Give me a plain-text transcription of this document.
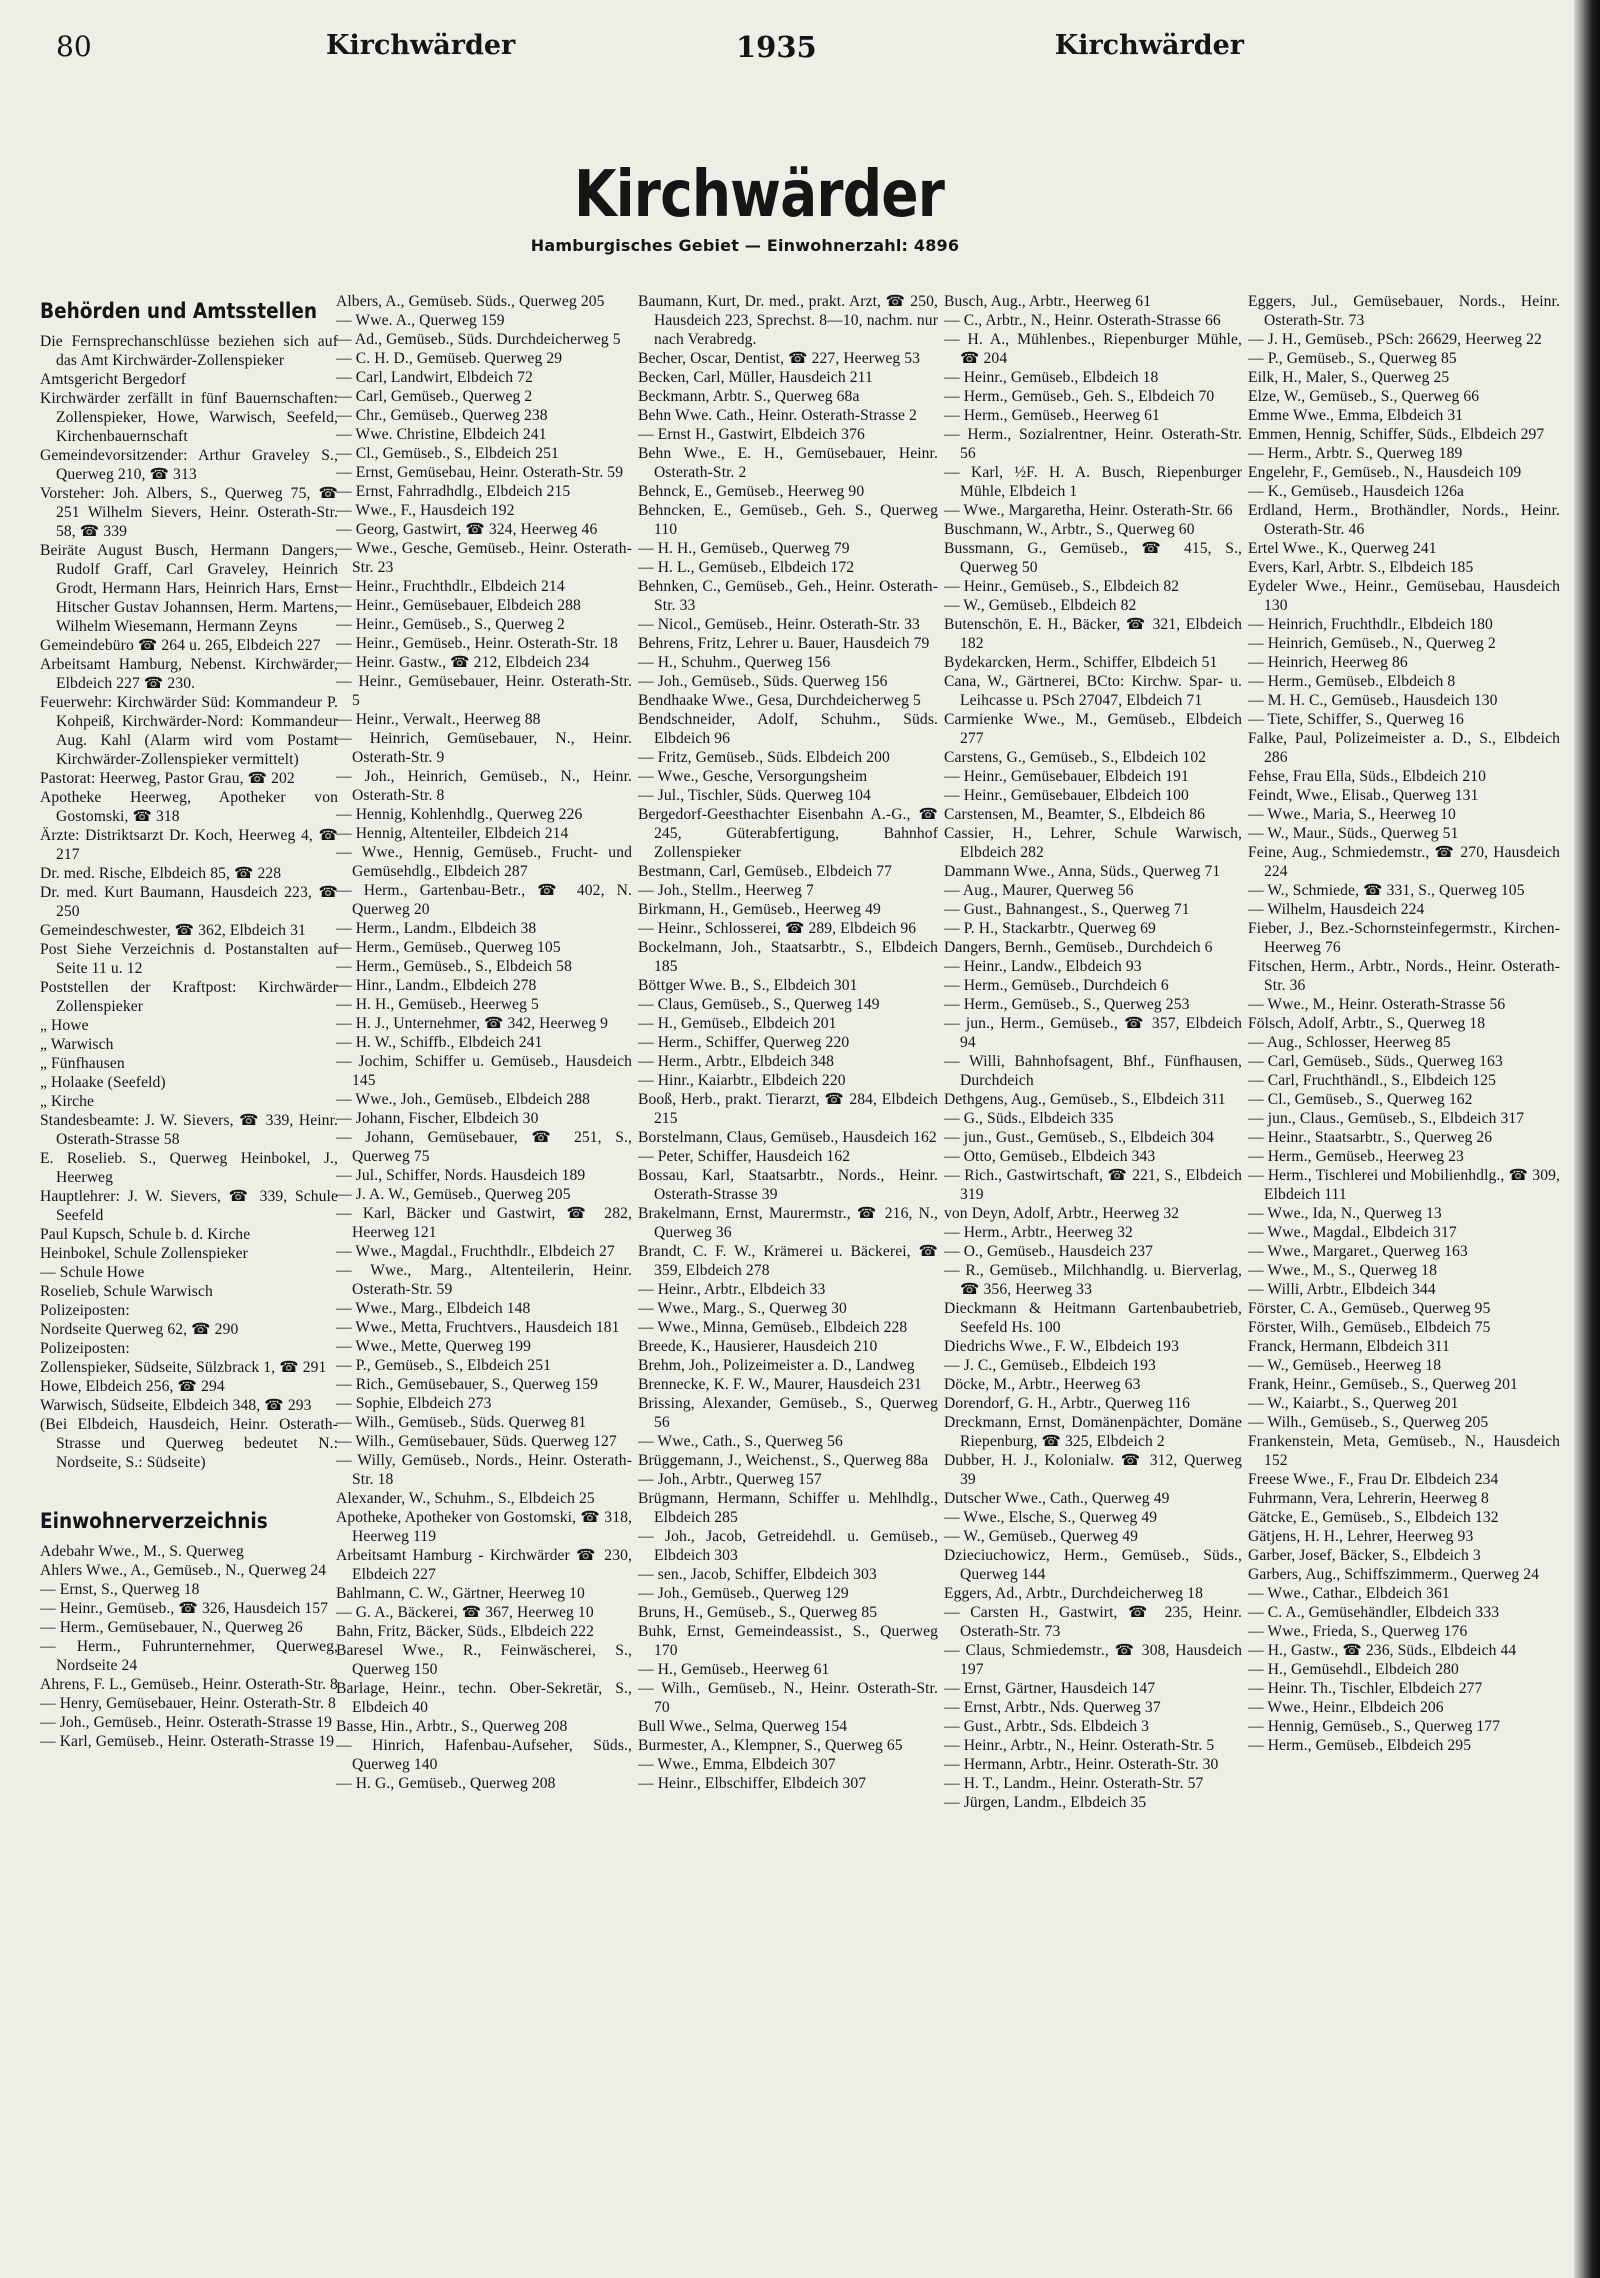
80	Kirchwärder	1935	Kirchwärder
Kirchwärder
Hamburgisches Gebiet — Einwohnerzahl: 4896
Behörden und Amtsstellen

Die Fernsprechanschlüsse beziehen sich auf das Amt Kirchwärder-Zollenspieker

Amtsgericht Bergedorf

Kirchwärder zerfällt in fünf Bauernschaften: Zollenspieker, Howe, Warwisch, Seefeld, Kirchenbauernschaft

Gemeindevorsitzender: Arthur Graveley S., Querweg 210, ☎ 313

Vorsteher: Joh. Albers, S., Querweg 75, ☎ 251 Wilhelm Sievers, Heinr. Osterath-Str. 58, ☎ 339

Beiräte August Busch, Hermann Dangers, Rudolf Graff, Carl Graveley, Heinrich Grodt, Hermann Hars, Heinrich Hars, Ernst Hitscher Gustav Johannsen, Herm. Martens, Wilhelm Wiesemann, Hermann Zeyns

Gemeindebüro ☎ 264 u. 265, Elbdeich 227

Arbeitsamt Hamburg, Nebenst. Kirchwärder, Elbdeich 227 ☎ 230.

Feuerwehr: Kirchwärder Süd: Kommandeur P. Kohpeiß, Kirchwärder-Nord: Kommandeur Aug. Kahl (Alarm wird vom Postamt Kirchwärder-Zollenspieker vermittelt)

Pastorat: Heerweg, Pastor Grau, ☎ 202

Apotheke Heerweg, Apotheker von Gostomski, ☎ 318

Ärzte: Distriktsarzt Dr. Koch, Heerweg 4, ☎ 217

Dr. med. Rische, Elbdeich 85, ☎ 228

Dr. med. Kurt Baumann, Hausdeich 223, ☎ 250

Gemeindeschwester, ☎ 362, Elbdeich 31

Post Siehe Verzeichnis d. Postanstalten auf Seite 11 u. 12

Poststellen der Kraftpost: Kirchwärder Zollenspieker

„ Howe

„ Warwisch

„ Fünfhausen

„ Holaake (Seefeld)

„ Kirche

Standesbeamte: J. W. Sievers, ☎ 339, Heinr. Osterath-Strasse 58

E. Roselieb. S., Querweg Heinbokel, J., Heerweg

Hauptlehrer: J. W. Sievers, ☎ 339, Schule Seefeld

Paul Kupsch, Schule b. d. Kirche

Heinbokel, Schule Zollenspieker

— Schule Howe

Roselieb, Schule Warwisch

Polizeiposten:

Nordseite Querweg 62, ☎ 290

Polizeiposten:

Zollenspieker, Südseite, Sülzbrack 1, ☎ 291

Howe, Elbdeich 256, ☎ 294

Warwisch, Südseite, Elbdeich 348, ☎ 293

(Bei Elbdeich, Hausdeich, Heinr. Osterath-Strasse und Querweg bedeutet N.: Nordseite, S.: Südseite)

Einwohnerverzeichnis

Adebahr Wwe., M., S. Querweg

Ahlers Wwe., A., Gemüseb., N., Querweg 24

— Ernst, S., Querweg 18

— Heinr., Gemüseb., ☎ 326, Hausdeich 157

— Herm., Gemüsebauer, N., Querweg 26

— Herm., Fuhrunternehmer, Querweg, Nordseite 24

Ahrens, F. L., Gemüseb., Heinr. Osterath-Str. 8

— Henry, Gemüsebauer, Heinr. Osterath-Str. 8

— Joh., Gemüseb., Heinr. Osterath-Strasse 19

— Karl, Gemüseb., Heinr. Osterath-Strasse 19

Albers, A., Gemüseb. Süds., Querweg 205

— Wwe. A., Querweg 159

— Ad., Gemüseb., Süds. Durchdeicherweg 5

— C. H. D., Gemüseb. Querweg 29

— Carl, Landwirt, Elbdeich 72

— Carl, Gemüseb., Querweg 2

— Chr., Gemüseb., Querweg 238

— Wwe. Christine, Elbdeich 241

— Cl., Gemüseb., S., Elbdeich 251

— Ernst, Gemüsebau, Heinr. Osterath-Str. 59

— Ernst, Fahrradhdlg., Elbdeich 215

— Wwe., F., Hausdeich 192

— Georg, Gastwirt, ☎ 324, Heerweg 46

— Wwe., Gesche, Gemüseb., Heinr. Osterath-Str. 23

— Heinr., Fruchthdlr., Elbdeich 214

— Heinr., Gemüsebauer, Elbdeich 288

— Heinr., Gemüseb., S., Querweg 2

— Heinr., Gemüseb., Heinr. Osterath-Str. 18

— Heinr. Gastw., ☎ 212, Elbdeich 234

— Heinr., Gemüsebauer, Heinr. Osterath-Str. 5

— Heinr., Verwalt., Heerweg 88

— Heinrich, Gemüsebauer, N., Heinr. Osterath-Str. 9

— Joh., Heinrich, Gemüseb., N., Heinr. Osterath-Str. 8

— Hennig, Kohlenhdlg., Querweg 226

— Hennig, Altenteiler, Elbdeich 214

— Wwe., Hennig, Gemüseb., Frucht- und Gemüsehdlg., Elbdeich 287

— Herm., Gartenbau-Betr., ☎ 402, N. Querweg 20

— Herm., Landm., Elbdeich 38

— Herm., Gemüseb., Querweg 105

— Herm., Gemüseb., S., Elbdeich 58

— Hinr., Landm., Elbdeich 278

— H. H., Gemüseb., Heerweg 5

— H. J., Unternehmer, ☎ 342, Heerweg 9

— H. W., Schiffb., Elbdeich 241

— Jochim, Schiffer u. Gemüseb., Hausdeich 145

— Wwe., Joh., Gemüseb., Elbdeich 288

— Johann, Fischer, Elbdeich 30

— Johann, Gemüsebauer, ☎ 251, S., Querweg 75

— Jul., Schiffer, Nords. Hausdeich 189

— J. A. W., Gemüseb., Querweg 205

— Karl, Bäcker und Gastwirt, ☎ 282, Heerweg 121

— Wwe., Magdal., Fruchthdlr., Elbdeich 27

— Wwe., Marg., Altenteilerin, Heinr. Osterath-Str. 59

— Wwe., Marg., Elbdeich 148

— Wwe., Metta, Fruchtvers., Hausdeich 181

— Wwe., Mette, Querweg 199

— P., Gemüseb., S., Elbdeich 251

— Rich., Gemüsebauer, S., Querweg 159

— Sophie, Elbdeich 273

— Wilh., Gemüseb., Süds. Querweg 81

— Wilh., Gemüsebauer, Süds. Querweg 127

— Willy, Gemüseb., Nords., Heinr. Osterath-Str. 18

Alexander, W., Schuhm., S., Elbdeich 25

Apotheke, Apotheker von Gostomski, ☎ 318, Heerweg 119

Arbeitsamt Hamburg - Kirchwärder ☎ 230, Elbdeich 227

Bahlmann, C. W., Gärtner, Heerweg 10

— G. A., Bäckerei, ☎ 367, Heerweg 10

Bahn, Fritz, Bäcker, Süds., Elbdeich 222

Baresel Wwe., R., Feinwäscherei, S., Querweg 150

Barlage, Heinr., techn. Ober-Sekretär, S., Elbdeich 40

Basse, Hin., Arbtr., S., Querweg 208

— Hinrich, Hafenbau-Aufseher, Süds., Querweg 140

— H. G., Gemüseb., Querweg 208

Baumann, Kurt, Dr. med., prakt. Arzt, ☎ 250, Hausdeich 223, Sprechst. 8—10, nachm. nur nach Verabredg.

Becher, Oscar, Dentist, ☎ 227, Heerweg 53

Becken, Carl, Müller, Hausdeich 211

Beckmann, Arbtr. S., Querweg 68a

Behn Wwe. Cath., Heinr. Osterath-Strasse 2

— Ernst H., Gastwirt, Elbdeich 376

Behn Wwe., E. H., Gemüsebauer, Heinr. Osterath-Str. 2

Behnck, E., Gemüseb., Heerweg 90

Behncken, E., Gemüseb., Geh. S., Querweg 110

— H. H., Gemüseb., Querweg 79

— H. L., Gemüseb., Elbdeich 172

Behnken, C., Gemüseb., Geh., Heinr. Osterath-Str. 33

— Nicol., Gemüseb., Heinr. Osterath-Str. 33

Behrens, Fritz, Lehrer u. Bauer, Hausdeich 79

— H., Schuhm., Querweg 156

— Joh., Gemüseb., Süds. Querweg 156

Bendhaake Wwe., Gesa, Durchdeicherweg 5

Bendschneider, Adolf, Schuhm., Süds. Elbdeich 96

— Fritz, Gemüseb., Süds. Elbdeich 200

— Wwe., Gesche, Versorgungsheim

— Jul., Tischler, Süds. Querweg 104

Bergedorf-Geesthachter Eisenbahn A.-G., ☎ 245, Güterabfertigung, Bahnhof Zollenspieker

Bestmann, Carl, Gemüseb., Elbdeich 77

— Joh., Stellm., Heerweg 7

Birkmann, H., Gemüseb., Heerweg 49

— Heinr., Schlosserei, ☎ 289, Elbdeich 96

Bockelmann, Joh., Staatsarbtr., S., Elbdeich 185

Böttger Wwe. B., S., Elbdeich 301

— Claus, Gemüseb., S., Querweg 149

— H., Gemüseb., Elbdeich 201

— Herm., Schiffer, Querweg 220

— Herm., Arbtr., Elbdeich 348

— Hinr., Kaiarbtr., Elbdeich 220

Booß, Herb., prakt. Tierarzt, ☎ 284, Elbdeich 215

Borstelmann, Claus, Gemüseb., Hausdeich 162

— Peter, Schiffer, Hausdeich 162

Bossau, Karl, Staatsarbtr., Nords., Heinr. Osterath-Strasse 39

Brakelmann, Ernst, Maurermstr., ☎ 216, N., Querweg 36

Brandt, C. F. W., Krämerei u. Bäckerei, ☎ 359, Elbdeich 278

— Heinr., Arbtr., Elbdeich 33

— Wwe., Marg., S., Querweg 30

— Wwe., Minna, Gemüseb., Elbdeich 228

Breede, K., Hausierer, Hausdeich 210

Brehm, Joh., Polizeimeister a. D., Landweg

Brennecke, K. F. W., Maurer, Hausdeich 231

Brissing, Alexander, Gemüseb., S., Querweg 56

— Wwe., Cath., S., Querweg 56

Brüggemann, J., Weichenst., S., Querweg 88a

— Joh., Arbtr., Querweg 157

Brügmann, Hermann, Schiffer u. Mehlhdlg., Elbdeich 285

— Joh., Jacob, Getreidehdl. u. Gemüseb., Elbdeich 303

— sen., Jacob, Schiffer, Elbdeich 303

— Joh., Gemüseb., Querweg 129

Bruns, H., Gemüseb., S., Querweg 85

Buhk, Ernst, Gemeindeassist., S., Querweg 170

— H., Gemüseb., Heerweg 61

— Wilh., Gemüseb., N., Heinr. Osterath-Str. 70

Bull Wwe., Selma, Querweg 154

Burmester, A., Klempner, S., Querweg 65

— Wwe., Emma, Elbdeich 307

— Heinr., Elbschiffer, Elbdeich 307

Busch, Aug., Arbtr., Heerweg 61

— C., Arbtr., N., Heinr. Osterath-Strasse 66

— H. A., Mühlenbes., Riepenburger Mühle, ☎ 204

— Heinr., Gemüseb., Elbdeich 18

— Herm., Gemüseb., Geh. S., Elbdeich 70

— Herm., Gemüseb., Heerweg 61

— Herm., Sozialrentner, Heinr. Osterath-Str. 56

— Karl, ½F. H. A. Busch, Riepenburger Mühle, Elbdeich 1

— Wwe., Margaretha, Heinr. Osterath-Str. 66

Buschmann, W., Arbtr., S., Querweg 60

Bussmann, G., Gemüseb., ☎ 415, S., Querweg 50

— Heinr., Gemüseb., S., Elbdeich 82

— W., Gemüseb., Elbdeich 82

Butenschön, E. H., Bäcker, ☎ 321, Elbdeich 182

Bydekarcken, Herm., Schiffer, Elbdeich 51

Cana, W., Gärtnerei, BCto: Kirchw. Spar- u. Leihcasse u. PSch 27047, Elbdeich 71

Carmienke Wwe., M., Gemüseb., Elbdeich 277

Carstens, G., Gemüseb., S., Elbdeich 102

— Heinr., Gemüsebauer, Elbdeich 191

— Heinr., Gemüsebauer, Elbdeich 100

Carstensen, M., Beamter, S., Elbdeich 86

Cassier, H., Lehrer, Schule Warwisch, Elbdeich 282

Dammann Wwe., Anna, Süds., Querweg 71

— Aug., Maurer, Querweg 56

— Gust., Bahnangest., S., Querweg 71

— P. H., Stackarbtr., Querweg 69

Dangers, Bernh., Gemüseb., Durchdeich 6

— Heinr., Landw., Elbdeich 93

— Herm., Gemüseb., Durchdeich 6

— Herm., Gemüseb., S., Querweg 253

— jun., Herm., Gemüseb., ☎ 357, Elbdeich 94

— Willi, Bahnhofsagent, Bhf., Fünfhausen, Durchdeich

Dethgens, Aug., Gemüseb., S., Elbdeich 311

— G., Süds., Elbdeich 335

— jun., Gust., Gemüseb., S., Elbdeich 304

— Otto, Gemüseb., Elbdeich 343

— Rich., Gastwirtschaft, ☎ 221, S., Elbdeich 319

von Deyn, Adolf, Arbtr., Heerweg 32

— Herm., Arbtr., Heerweg 32

— O., Gemüseb., Hausdeich 237

— R., Gemüseb., Milchhandlg. u. Bierverlag, ☎ 356, Heerweg 33

Dieckmann & Heitmann Gartenbaubetrieb, Seefeld Hs. 100

Diedrichs Wwe., F. W., Elbdeich 193

— J. C., Gemüseb., Elbdeich 193

Döcke, M., Arbtr., Heerweg 63

Dorendorf, G. H., Arbtr., Querweg 116

Dreckmann, Ernst, Domänenpächter, Domäne Riepenburg, ☎ 325, Elbdeich 2

Dubber, H. J., Kolonialw. ☎ 312, Querweg 39

Dutscher Wwe., Cath., Querweg 49

— Wwe., Elsche, S., Querweg 49

— W., Gemüseb., Querweg 49

Dzieciuchowicz, Herm., Gemüseb., Süds., Querweg 144

Eggers, Ad., Arbtr., Durchdeicherweg 18

— Carsten H., Gastwirt, ☎ 235, Heinr. Osterath-Str. 73

— Claus, Schmiedemstr., ☎ 308, Hausdeich 197

— Ernst, Gärtner, Hausdeich 147

— Ernst, Arbtr., Nds. Querweg 37

— Gust., Arbtr., Sds. Elbdeich 3

— Heinr., Arbtr., N., Heinr. Osterath-Str. 5

— Hermann, Arbtr., Heinr. Osterath-Str. 30

— H. T., Landm., Heinr. Osterath-Str. 57

— Jürgen, Landm., Elbdeich 35

Eggers, Jul., Gemüsebauer, Nords., Heinr. Osterath-Str. 73

— J. H., Gemüseb., PSch: 26629, Heerweg 22

— P., Gemüseb., S., Querweg 85

Eilk, H., Maler, S., Querweg 25

Elze, W., Gemüseb., S., Querweg 66

Emme Wwe., Emma, Elbdeich 31

Emmen, Hennig, Schiffer, Süds., Elbdeich 297

— Herm., Arbtr. S., Querweg 189

Engelehr, F., Gemüseb., N., Hausdeich 109

— K., Gemüseb., Hausdeich 126a

Erdland, Herm., Brothändler, Nords., Heinr. Osterath-Str. 46

Ertel Wwe., K., Querweg 241

Evers, Karl, Arbtr. S., Elbdeich 185

Eydeler Wwe., Heinr., Gemüsebau, Hausdeich 130

— Heinrich, Fruchthdlr., Elbdeich 180

— Heinrich, Gemüseb., N., Querweg 2

— Heinrich, Heerweg 86

— Herm., Gemüseb., Elbdeich 8

— M. H. C., Gemüseb., Hausdeich 130

— Tiete, Schiffer, S., Querweg 16

Falke, Paul, Polizeimeister a. D., S., Elbdeich 286

Fehse, Frau Ella, Süds., Elbdeich 210

Feindt, Wwe., Elisab., Querweg 131

— Wwe., Maria, S., Heerweg 10

— W., Maur., Süds., Querweg 51

Feine, Aug., Schmiedemstr., ☎ 270, Hausdeich 224

— W., Schmiede, ☎ 331, S., Querweg 105

— Wilhelm, Hausdeich 224

Fieber, J., Bez.-Schornsteinfegermstr., Kirchen-Heerweg 76

Fitschen, Herm., Arbtr., Nords., Heinr. Osterath-Str. 36

— Wwe., M., Heinr. Osterath-Strasse 56

Fölsch, Adolf, Arbtr., S., Querweg 18

— Aug., Schlosser, Heerweg 85

— Carl, Gemüseb., Süds., Querweg 163

— Carl, Fruchthändl., S., Elbdeich 125

— Cl., Gemüseb., S., Querweg 162

— jun., Claus., Gemüseb., S., Elbdeich 317

— Heinr., Staatsarbtr., S., Querweg 26

— Herm., Gemüseb., Heerweg 23

— Herm., Tischlerei und Mobilienhdlg., ☎ 309, Elbdeich 111

— Wwe., Ida, N., Querweg 13

— Wwe., Magdal., Elbdeich 317

— Wwe., Margaret., Querweg 163

— Wwe., M., S., Querweg 18

— Willi, Arbtr., Elbdeich 344

Förster, C. A., Gemüseb., Querweg 95

Förster, Wilh., Gemüseb., Elbdeich 75

Franck, Hermann, Elbdeich 311

— W., Gemüseb., Heerweg 18

Frank, Heinr., Gemüseb., S., Querweg 201

— W., Kaiarbt., S., Querweg 201

— Wilh., Gemüseb., S., Querweg 205

Frankenstein, Meta, Gemüseb., N., Hausdeich 152

Freese Wwe., F., Frau Dr. Elbdeich 234

Fuhrmann, Vera, Lehrerin, Heerweg 8

Gätcke, E., Gemüseb., S., Elbdeich 132

Gätjens, H. H., Lehrer, Heerweg 93

Garber, Josef, Bäcker, S., Elbdeich 3

Garbers, Aug., Schiffszimmerm., Querweg 24

— Wwe., Cathar., Elbdeich 361

— C. A., Gemüsehändler, Elbdeich 333

— Wwe., Frieda, S., Querweg 176

— H., Gastw., ☎ 236, Süds., Elbdeich 44

— H., Gemüsehdl., Elbdeich 280

— Heinr. Th., Tischler, Elbdeich 277

— Wwe., Heinr., Elbdeich 206

— Hennig, Gemüseb., S., Querweg 177

— Herm., Gemüseb., Elbdeich 295
